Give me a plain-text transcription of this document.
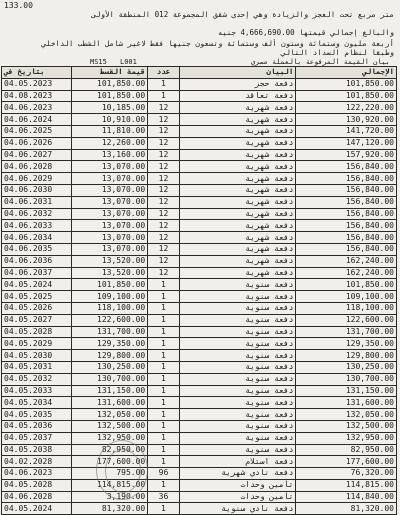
133.00
متر مربع تحت العجز والزيادة وهي إحدى شقق المجموعة 012 المنطقة الأولى
والبالغ إجمالي قيمتها 4,666,690.00 جنيه
أربعة مليون وستمائة وستون ألف وستمائة وتسعون جنيها فقط لاغير شامل الشطب الداخلي
وطبقاً لنظام السداد التالي
MS15 L001	بيان القيمة المرفوعة بالعملة مصري
بتاريخ في	قيمة القسط	عدد	البيان	الإجمالي
04.05.2023	101,850.00	1	دفعة حجز	101,850.00
04.08.2023	101,850.00	1	دفعة تعاقد	101,850.00
04.06.2023	10,185.00	12	دفعة شهرية	122,220.00
04.06.2024	10,910.00	12	دفعة شهرية	130,920.00
04.06.2025	11,810.00	12	دفعة شهرية	141,720.00
04.06.2026	12,260.00	12	دفعة شهرية	147,120.00
04.06.2027	13,160.00	12	دفعة شهرية	157,920.00
04.06.2028	13,070.00	12	دفعة شهرية	156,840.00
04.06.2029	13,070.00	12	دفعة شهرية	156,840.00
04.06.2030	13,070.00	12	دفعة شهرية	156,840.00
04.06.2031	13,070.00	12	دفعة شهرية	156,840.00
04.06.2032	13,070.00	12	دفعة شهرية	156,840.00
04.06.2033	13,070.00	12	دفعة شهرية	156,840.00
04.06.2034	13,070.00	12	دفعة شهرية	156,840.00
04.06.2035	13,070.00	12	دفعة شهرية	156,840.00
04.06.2036	13,520.00	12	دفعة شهرية	162,240.00
04.06.2037	13,520.00	12	دفعة شهرية	162,240.00
04.05.2024	101,850.00	1	دفعة سنوية	101,850.00
04.05.2025	109,100.00	1	دفعة سنوية	109,100.00
04.05.2026	118,100.00	1	دفعة سنوية	118,100.00
04.05.2027	122,600.00	1	دفعة سنوية	122,600.00
04.05.2028	131,700.00	1	دفعة سنوية	131,700.00
04.05.2029	129,350.00	1	دفعة سنوية	129,350.00
04.05.2030	129,800.00	1	دفعة سنوية	129,800.00
04.05.2031	130,250.00	1	دفعة سنوية	130,250.00
04.05.2032	130,700.00	1	دفعة سنوية	130,700.00
04.05.2033	131,150.00	1	دفعة سنوية	131,150.00
04.05.2034	131,600.00	1	دفعة سنوية	131,600.00
04.05.2035	132,050.00	1	دفعة سنوية	132,050.00
04.05.2036	132,500.00	1	دفعة سنوية	132,500.00
04.05.2037	132,950.00	1	دفعة سنوية	132,950.00
04.05.2038	82,950.00	1	دفعة سنوية	82,950.00
04.02.2028	177,600.00	1	دفعة استلام	177,600.00
04.06.2023	795.00	96	دفعة نادي شهرية	76,320.00
04.05.2028	114,815.00	1	تأمين وحدات	114,815.00
04.06.2028	3,190.00	36	تأمين وحدات	114,840.00
04.05.2024	81,320.00	1	دفعة نادي سنوية	81,320.00
